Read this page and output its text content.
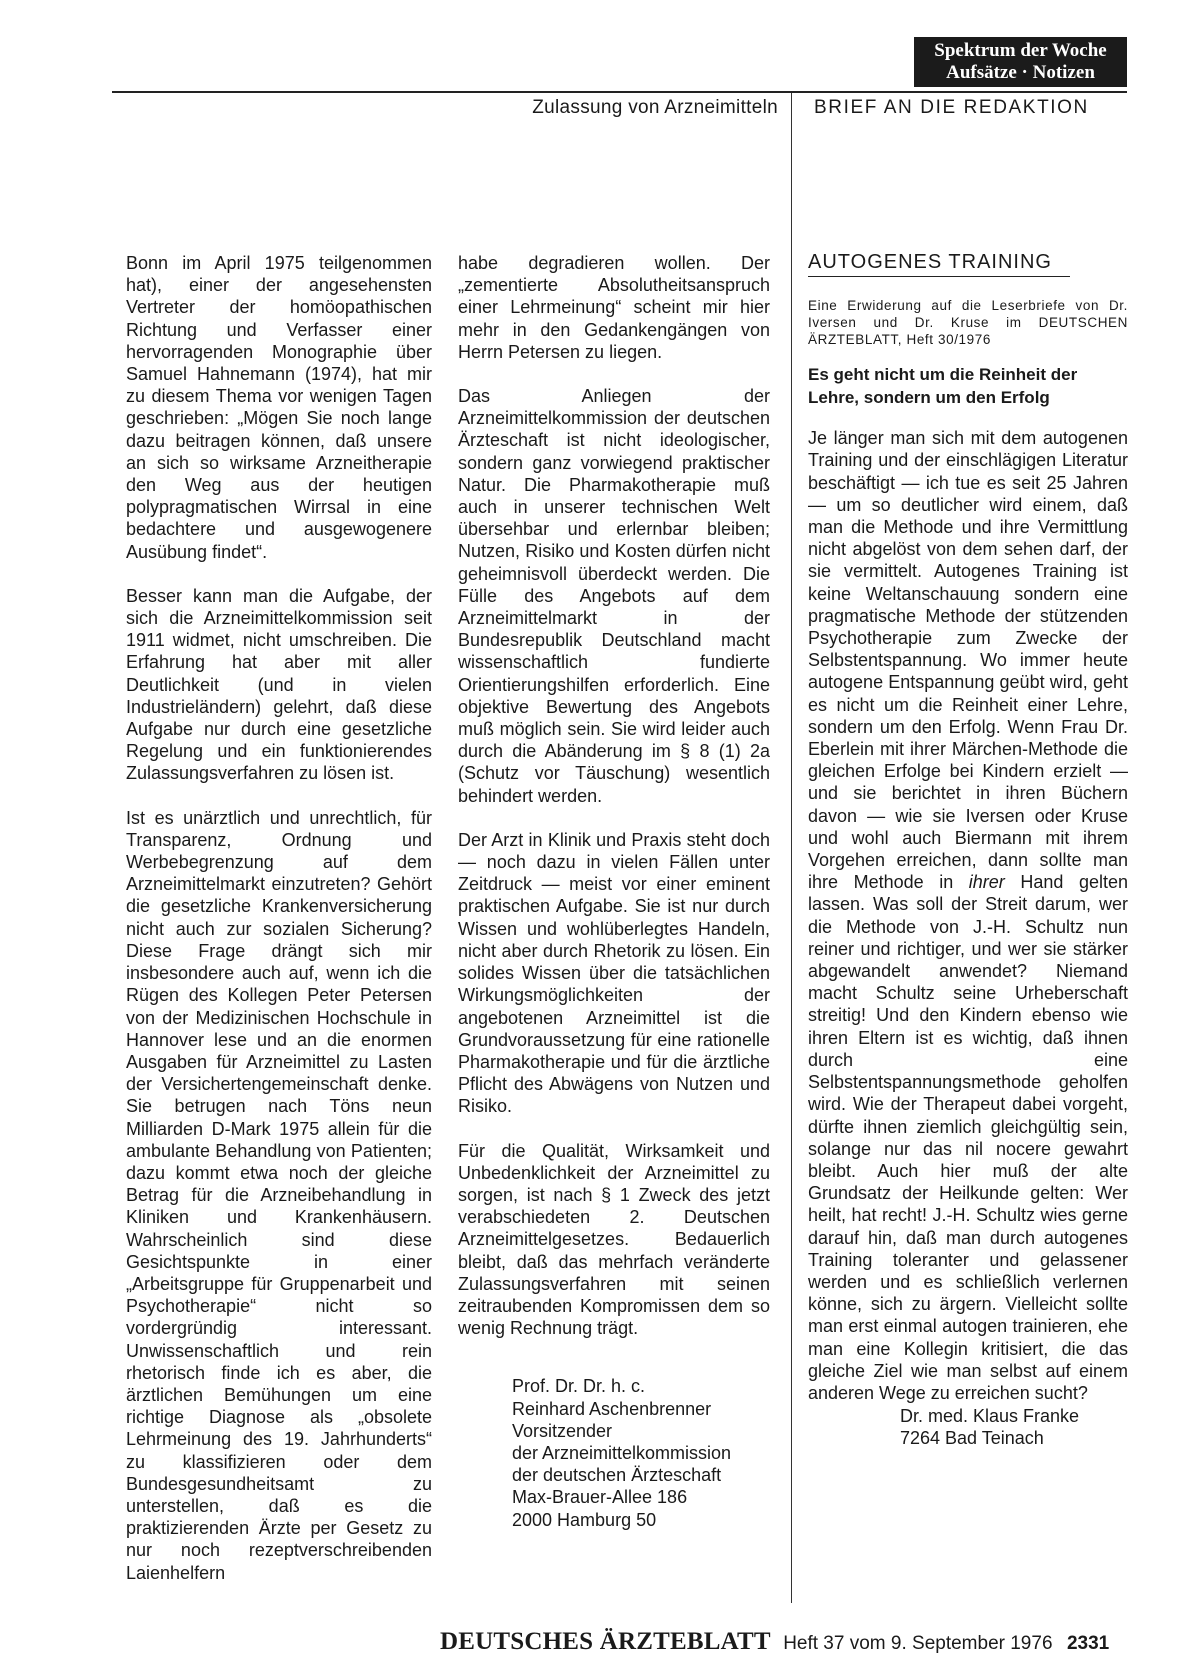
Spektrum der Woche
Aufsätze · Notizen
Zulassung von Arzneimitteln BRIEF AN DIE REDAKTION

Bonn im April 1975 teilgenommen hat), einer der angesehensten Vertreter der homöopathischen Richtung und Verfasser einer hervorragenden Monographie über Samuel Hahnemann (1974), hat mir zu diesem Thema vor wenigen Tagen geschrieben: „Mögen Sie noch lange dazu beitragen können, daß unsere an sich so wirksame Arzneitherapie den Weg aus der heutigen polypragmatischen Wirrsal in eine bedachtere und ausgewogenere Ausübung findet“.

Besser kann man die Aufgabe, der sich die Arzneimittelkommission seit 1911 widmet, nicht umschreiben. Die Erfahrung hat aber mit aller Deutlichkeit (und in vielen Industrieländern) gelehrt, daß diese Aufgabe nur durch eine gesetzliche Regelung und ein funktionierendes Zulassungsverfahren zu lösen ist.

Ist es unärztlich und unrechtlich, für Transparenz, Ordnung und Werbebegrenzung auf dem Arzneimittelmarkt einzutreten? Gehört die gesetzliche Krankenversicherung nicht auch zur sozialen Sicherung? Diese Frage drängt sich mir insbesondere auch auf, wenn ich die Rügen des Kollegen Peter Petersen von der Medizinischen Hochschule in Hannover lese und an die enormen Ausgaben für Arzneimittel zu Lasten der Versichertengemeinschaft denke. Sie betrugen nach Töns neun Milliarden D-Mark 1975 allein für die ambulante Behandlung von Patienten; dazu kommt etwa noch der gleiche Betrag für die Arzneibehandlung in Kliniken und Krankenhäusern. Wahrscheinlich sind diese Gesichtspunkte in einer „Arbeitsgruppe für Gruppenarbeit und Psychotherapie“ nicht so vordergründig interessant. Unwissenschaftlich und rein rhetorisch finde ich es aber, die ärztlichen Bemühungen um eine richtige Diagnose als „obsolete Lehrmeinung des 19. Jahrhunderts“ zu klassifizieren oder dem Bundesgesundheitsamt zu unterstellen, daß es die praktizierenden Ärzte per Gesetz zu nur noch rezeptverschreibenden Laienhelfern

habe degradieren wollen. Der „zementierte Absolutheitsanspruch einer Lehrmeinung“ scheint mir hier mehr in den Gedankengängen von Herrn Petersen zu liegen.

Das Anliegen der Arzneimittelkommission der deutschen Ärzteschaft ist nicht ideologischer, sondern ganz vorwiegend praktischer Natur. Die Pharmakotherapie muß auch in unserer technischen Welt übersehbar und erlernbar bleiben; Nutzen, Risiko und Kosten dürfen nicht geheimnisvoll überdeckt werden. Die Fülle des Angebots auf dem Arzneimittelmarkt in der Bundesrepublik Deutschland macht wissenschaftlich fundierte Orientierungshilfen erforderlich. Eine objektive Bewertung des Angebots muß möglich sein. Sie wird leider auch durch die Abänderung im § 8 (1) 2a (Schutz vor Täuschung) wesentlich behindert werden.

Der Arzt in Klinik und Praxis steht doch — noch dazu in vielen Fällen unter Zeitdruck — meist vor einer eminent praktischen Aufgabe. Sie ist nur durch Wissen und wohlüberlegtes Handeln, nicht aber durch Rhetorik zu lösen. Ein solides Wissen über die tatsächlichen Wirkungsmöglichkeiten der angebotenen Arzneimittel ist die Grundvoraussetzung für eine rationelle Pharmakotherapie und für die ärztliche Pflicht des Abwägens von Nutzen und Risiko.

Für die Qualität, Wirksamkeit und Unbedenklichkeit der Arzneimittel zu sorgen, ist nach § 1 Zweck des jetzt verabschiedeten 2. Deutschen Arzneimittelgesetzes. Bedauerlich bleibt, daß das mehrfach veränderte Zulassungsverfahren mit seinen zeitraubenden Kompromissen dem so wenig Rechnung trägt.

Prof. Dr. Dr. h. c.
Reinhard Aschenbrenner
Vorsitzender
der Arzneimittelkommission
der deutschen Ärzteschaft
Max-Brauer-Allee 186
2000 Hamburg 50

AUTOGENES TRAINING

Eine Erwiderung auf die Leserbriefe von Dr. Iversen und Dr. Kruse im DEUTSCHEN ÄRZTEBLATT, Heft 30/1976

Es geht nicht um die Reinheit der Lehre, sondern um den Erfolg

Je länger man sich mit dem autogenen Training und der einschlägigen Literatur beschäftigt — ich tue es seit 25 Jahren — um so deutlicher wird einem, daß man die Methode und ihre Vermittlung nicht abgelöst von dem sehen darf, der sie vermittelt. Autogenes Training ist keine Weltanschauung sondern eine pragmatische Methode der stützenden Psychotherapie zum Zwecke der Selbstentspannung. Wo immer heute autogene Entspannung geübt wird, geht es nicht um die Reinheit einer Lehre, sondern um den Erfolg. Wenn Frau Dr. Eberlein mit ihrer Märchen-Methode die gleichen Erfolge bei Kindern erzielt — und sie berichtet in ihren Büchern davon — wie sie Iversen oder Kruse und wohl auch Biermann mit ihrem Vorgehen erreichen, dann sollte man ihre Methode in ihrer Hand gelten lassen. Was soll der Streit darum, wer die Methode von J.-H. Schultz nun reiner und richtiger, und wer sie stärker abgewandelt anwendet? Niemand macht Schultz seine Urheberschaft streitig! Und den Kindern ebenso wie ihren Eltern ist es wichtig, daß ihnen durch eine Selbstentspannungsmethode geholfen wird. Wie der Therapeut dabei vorgeht, dürfte ihnen ziemlich gleichgültig sein, solange nur das nil nocere gewahrt bleibt. Auch hier muß der alte Grundsatz der Heilkunde gelten: Wer heilt, hat recht! J.-H. Schultz wies gerne darauf hin, daß man durch autogenes Training toleranter und gelassener werden und es schließlich verlernen könne, sich zu ärgern. Vielleicht sollte man erst einmal autogen trainieren, ehe man eine Kollegin kritisiert, die das gleiche Ziel wie man selbst auf einem anderen Wege zu erreichen sucht?

Dr. med. Klaus Franke
7264 Bad Teinach

DEUTSCHES ÄRZTEBLATT Heft 37 vom 9. September 1976 2331
